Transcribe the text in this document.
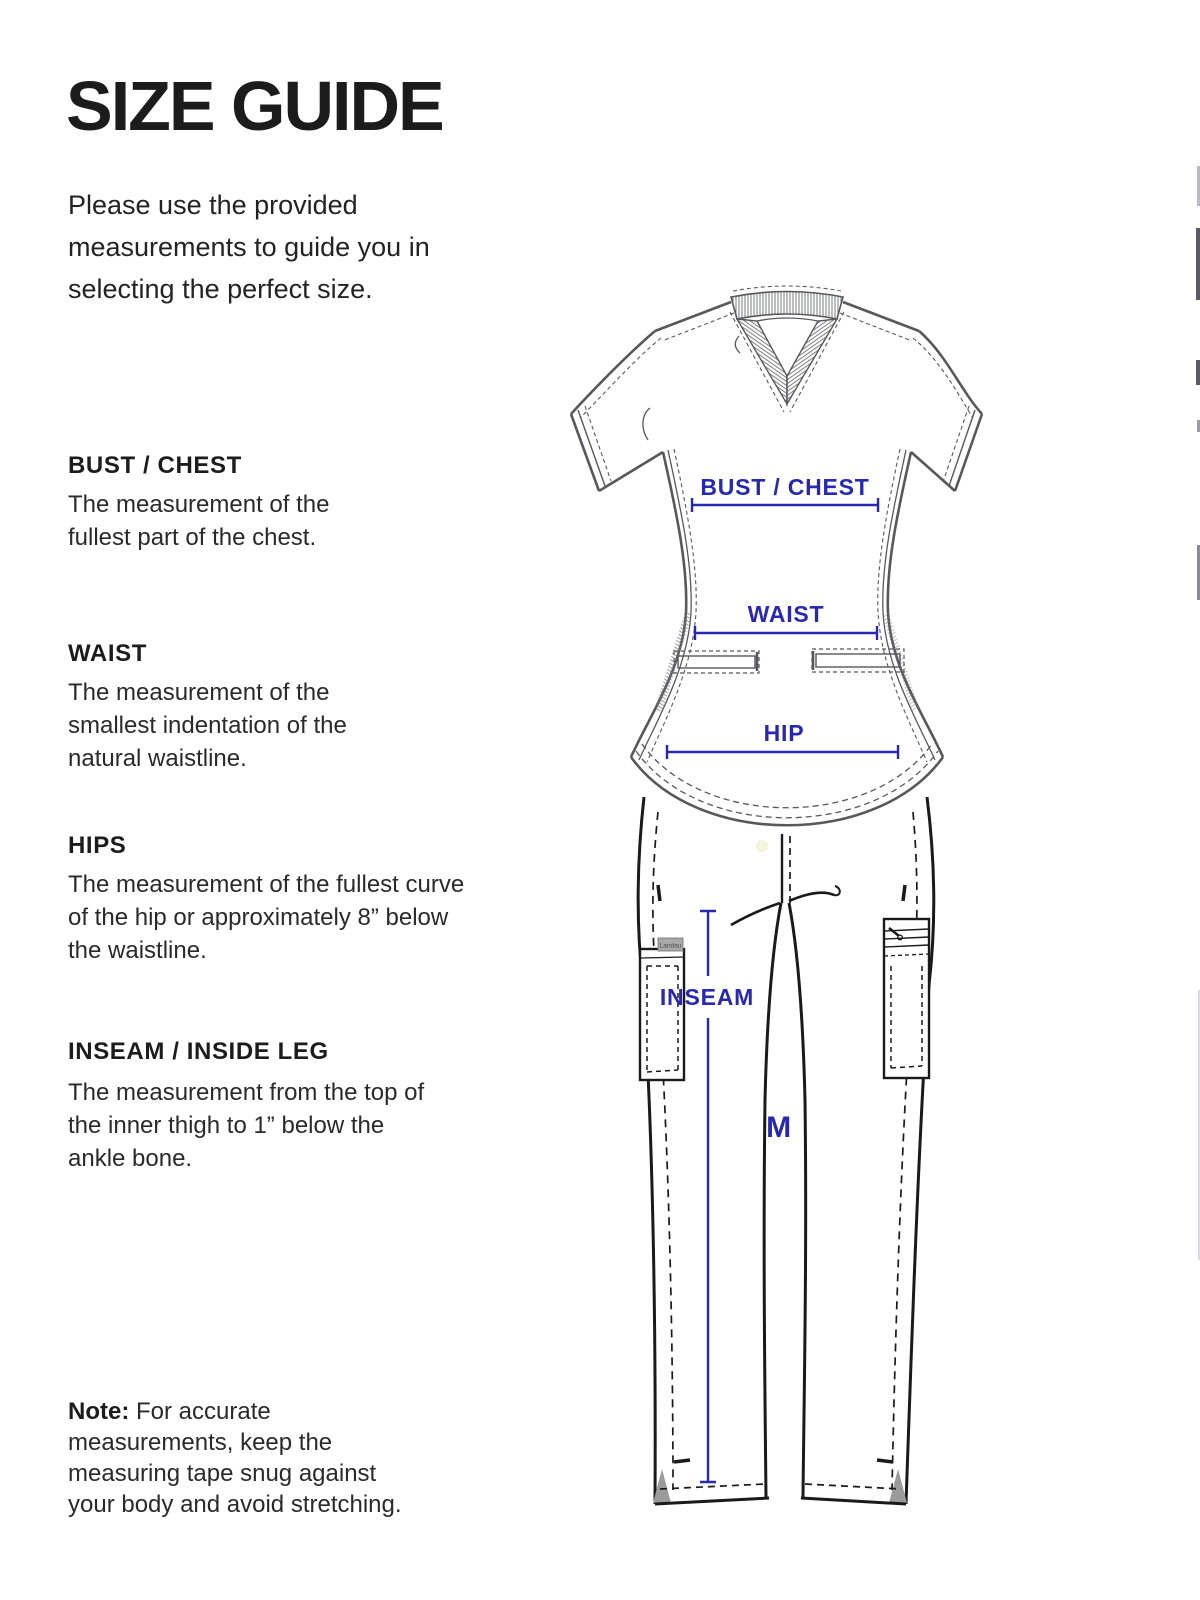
SIZE GUIDE
Please use the provided measurements to guide you in selecting the perfect size.
BUST / CHEST
The measurement of the fullest part of the chest.
WAIST
The measurement of the smallest indentation of the natural waistline.
HIPS
The measurement of the fullest curve of the hip or approximately 8” below the waistline.
INSEAM / INSIDE LEG
The measurement from the top of the inner thigh to 1” below the ankle bone.
Note: For accurate measurements, keep the measuring tape snug against your body and avoid stretching.
Landau
BUST / CHEST
WAIST
HIP
INSEAM
M
